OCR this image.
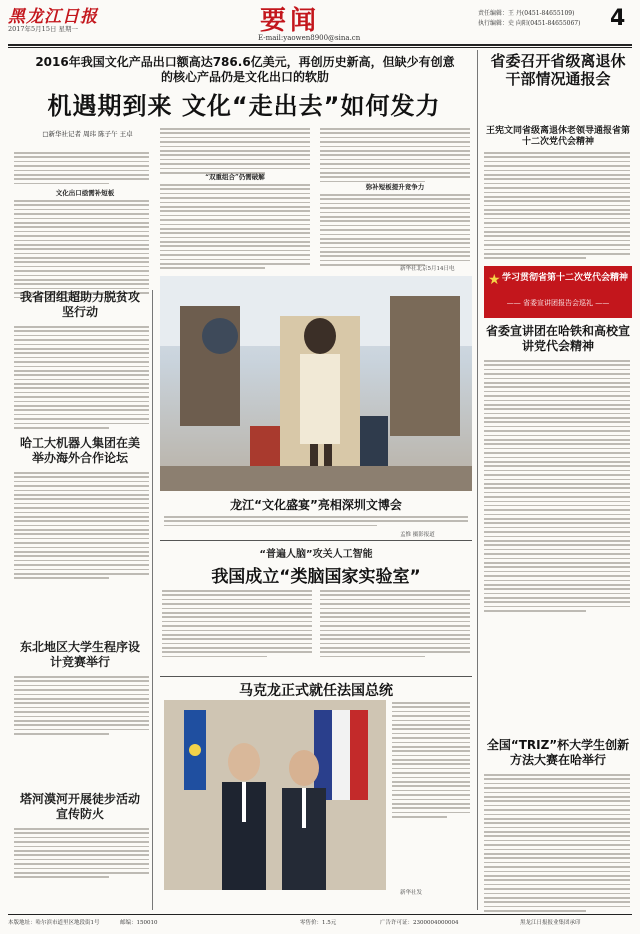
黑龙江日报
2017年5月15日 星期一	要闻
E-mail:yaowen8900@sina.cn
责任编辑：王 丹(0451-84655109)
执行编辑：史 向阳(0451-84655067) 4
2016年我国文化产品出口额高达786.6亿美元，再创历史新高，但缺少有创意的核心产品仍是文化出口的软肋
机遇期到来 文化“走出去”如何发力
□新华社记者 周玮 陈子午 王卓
文化出口亟需补短板
“双重组合”仍需破解
弥补短板提升竞争力
新华社北京5月14日电
龙江“文化盛宴”亮相深圳文博会
孟惟 摄影报道
我省团组超助力脱贫攻坚行动
哈工大机器人集团在美举办海外合作论坛
东北地区大学生程序设计竞赛举行
塔河漠河开展徒步活动宣传防火
“普遍人脑”攻关人工智能
我国成立“类脑国家实验室”
马克龙正式就任法国总统
新华社发
省委召开省级离退休干部情况通报会
王宪文同省级离退休老领导通报省第十二次党代会精神
★ 学习贯彻省第十二次党代会精神
—— 省委宣讲团报告会巡礼 ——
省委宣讲团在哈铁和高校宣讲党代会精神
全国“TRIZ”杯大学生创新方法大赛在哈举行
本版地址：哈尔滨市道里区地段街1号	邮编：150010	零售价：1.5元	广告许可证：2300004000004	黑龙江日报报业集团承印
